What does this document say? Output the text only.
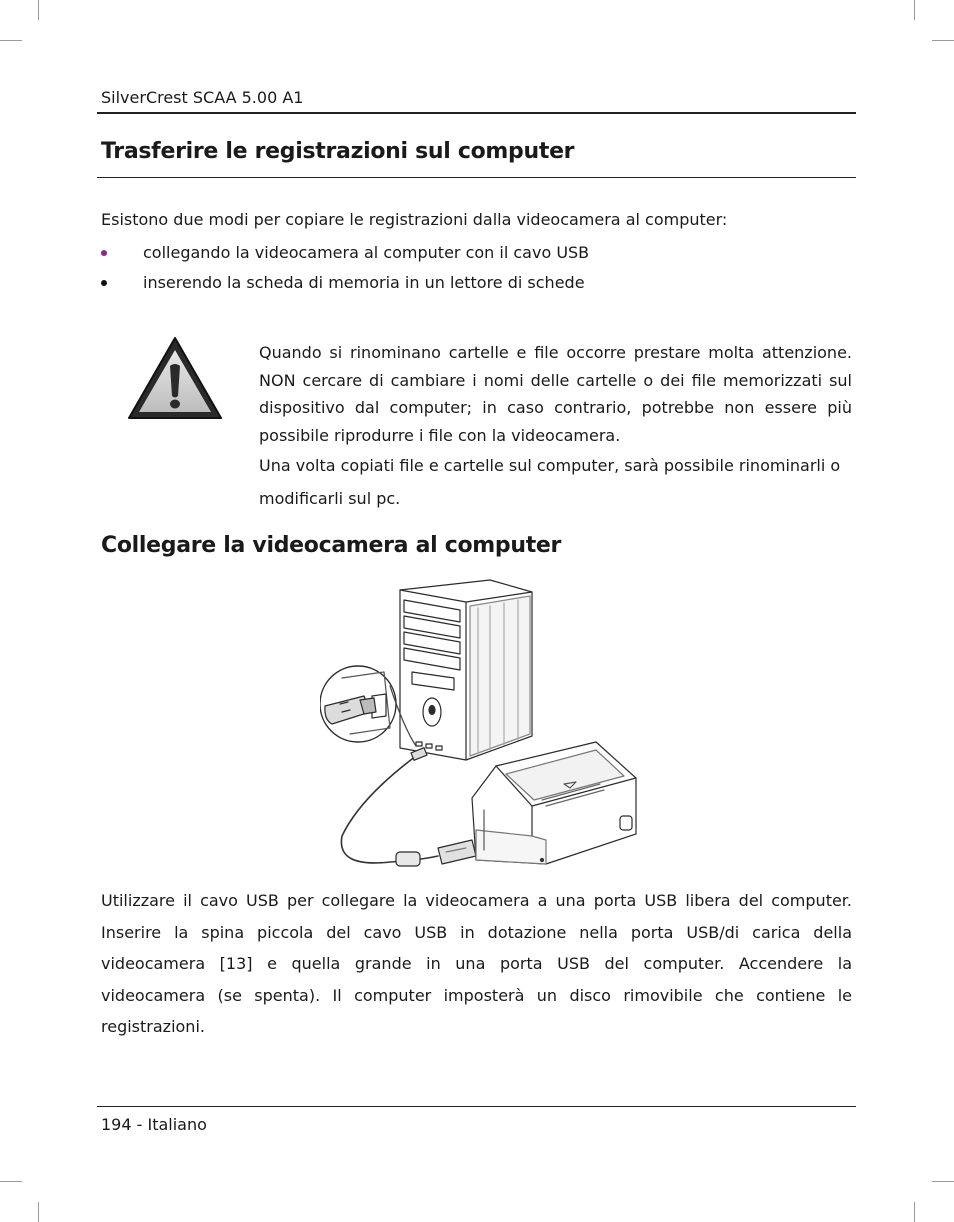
SilverCrest SCAA 5.00 A1
Trasferire le registrazioni sul computer
Esistono due modi per copiare le registrazioni dalla videocamera al computer:
collegando la videocamera al computer con il cavo USB
inserendo la scheda di memoria in un lettore di schede
Quando si rinominano cartelle e file occorre prestare molta attenzione.
NON cercare di cambiare i nomi delle cartelle o dei file memorizzati sul
dispositivo dal computer; in caso contrario, potrebbe non essere più
possibile riprodurre i file con la videocamera.
Una volta copiati file e cartelle sul computer, sarà possibile rinominarli o
modificarli sul pc.
Collegare la videocamera al computer
Utilizzare il cavo USB per collegare la videocamera a una porta USB libera del computer.
Inserire la spina piccola del cavo USB in dotazione nella porta USB/di carica della
videocamera [13] e quella grande in una porta USB del computer. Accendere la
videocamera (se spenta). Il computer imposterà un disco rimovibile che contiene le
registrazioni.
194 - Italiano
